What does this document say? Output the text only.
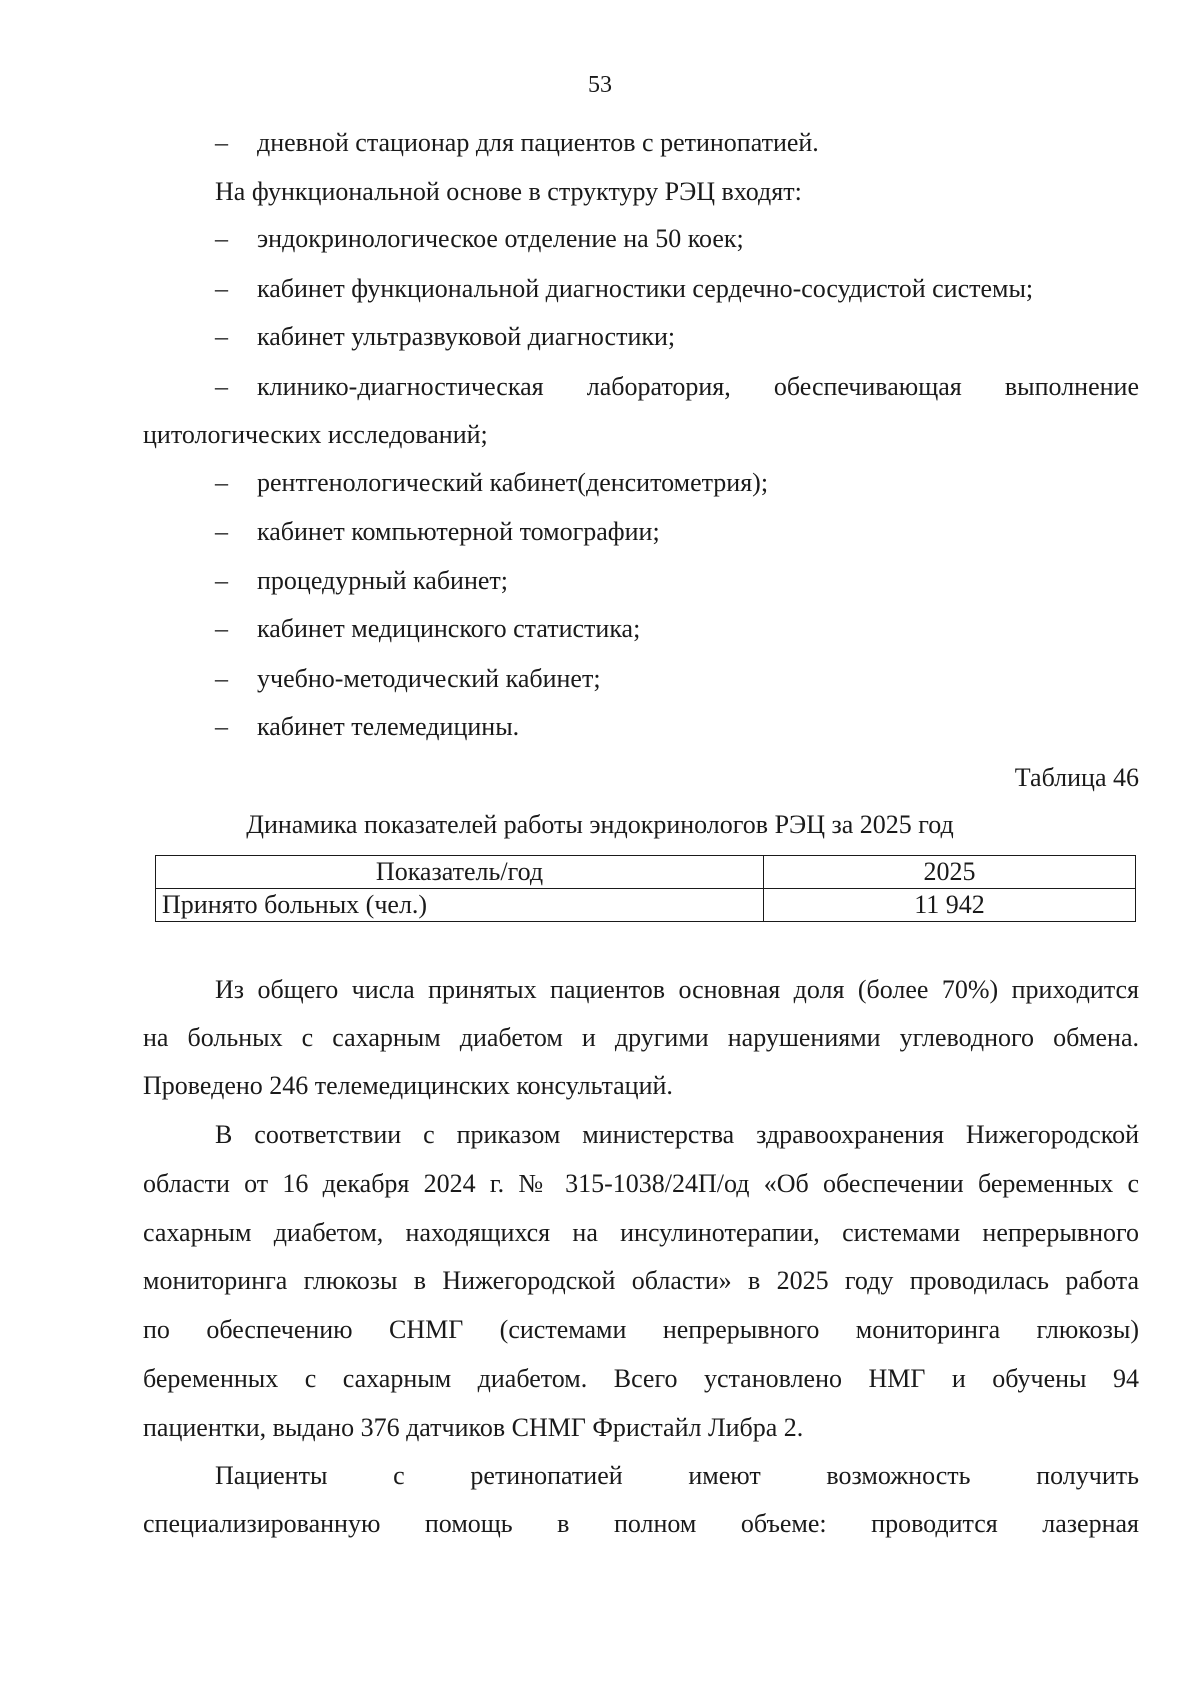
53
– дневной стационар для пациентов с ретинопатией.
На функциональной основе в структуру РЭЦ входят:
– эндокринологическое отделение на 50 коек;
– кабинет функциональной диагностики сердечно-сосудистой системы;
– кабинет ультразвуковой диагностики;
– клинико-диагностическая лаборатория, обеспечивающая выполнение
цитологических исследований;
– рентгенологический кабинет(денситометрия);
– кабинет компьютерной томографии;
– процедурный кабинет;
– кабинет медицинского статистика;
– учебно-методический кабинет;
– кабинет телемедицины.
Таблица 46
Динамика показателей работы эндокринологов РЭЦ за 2025 год
Показатель/год	2025
Принято больных (чел.)	11 942
Из общего числа принятых пациентов основная доля (более 70%) приходится
на больных с сахарным диабетом и другими нарушениями углеводного обмена.
Проведено 246 телемедицинских консультаций.
В соответствии с приказом министерства здравоохранения Нижегородской
области от 16 декабря 2024 г. № 315-1038/24П/од «Об обеспечении беременных с
сахарным диабетом, находящихся на инсулинотерапии, системами непрерывного
мониторинга глюкозы в Нижегородской области» в 2025 году проводилась работа
по обеспечению СНМГ (системами непрерывного мониторинга глюкозы)
беременных с сахарным диабетом. Всего установлено НМГ и обучены 94
пациентки, выдано 376 датчиков СНМГ Фристайл Либра 2.
Пациенты с ретинопатией имеют возможность получить
специализированную помощь в полном объеме: проводится лазерная
